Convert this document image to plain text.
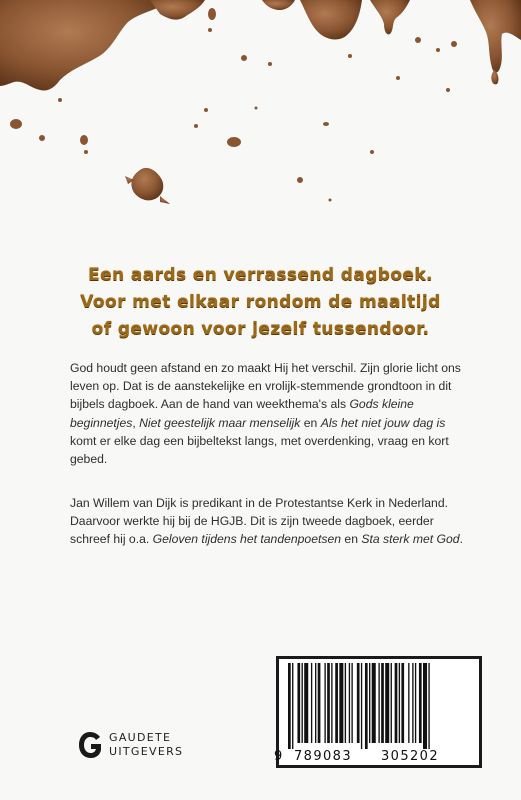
Een aards en verrassend dagboek.
Voor met elkaar rondom de maaltijd
of gewoon voor jezelf tussendoor.
God houdt geen afstand en zo maakt Hij het verschil. Zijn glorie licht ons leven op. Dat is de aanstekelijke en vrolijk-stemmende grondtoon in dit bijbels dagboek. Aan de hand van weekthema's als Gods kleine beginnetjes, Niet geestelijk maar menselijk en Als het niet jouw dag is komt er elke dag een bijbeltekst langs, met overdenking, vraag en kort gebed.
Jan Willem van Dijk is predikant in de Protestantse Kerk in Nederland. Daarvoor werkte hij bij de HGJB. Dit is zijn tweede dagboek, eerder schreef hij o.a. Geloven tijdens het tandenpoetsen en Sta sterk met God.
GAUDETE
UITGEVERS	9 789083 305202
